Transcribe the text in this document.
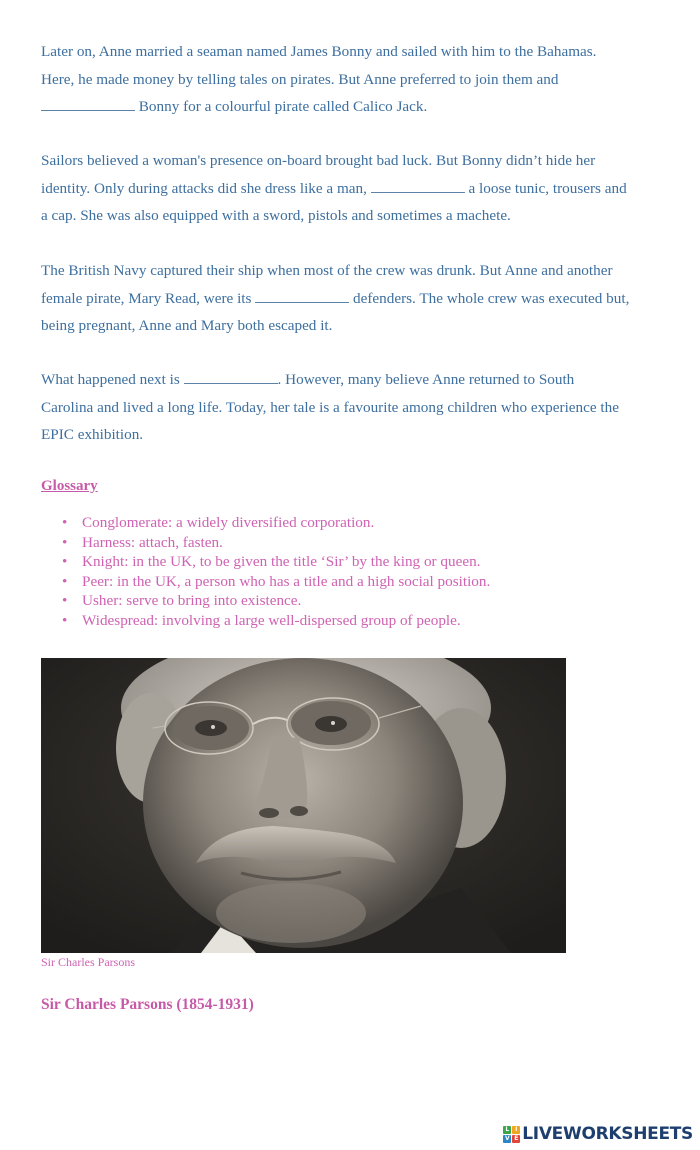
Later on, Anne married a seaman named James Bonny and sailed with him to the Bahamas.
Here, he made money by telling tales on pirates. But Anne preferred to join them and
Bonny for a colourful pirate called Calico Jack.
Sailors believed a woman's presence on-board brought bad luck. But Bonny didn’t hide her
identity. Only during attacks did she dress like a man,	a loose tunic, trousers and
a cap. She was also equipped with a sword, pistols and sometimes a machete.
The British Navy captured their ship when most of the crew was drunk. But Anne and another
female pirate, Mary Read, were its	defenders. The whole crew was executed but,
being pregnant, Anne and Mary both escaped it.
What happened next is	. However, many believe Anne returned to South
Carolina and lived a long life. Today, her tale is a favourite among children who experience the
EPIC exhibition.
Glossary
• Conglomerate: a widely diversified corporation.
• Harness: attach, fasten.
• Knight: in the UK, to be given the title ‘Sir’ by the king or queen.
• Peer: in the UK, a person who has a title and a high social position.
• Usher: serve to bring into existence.
• Widespread: involving a large well-dispersed group of people.

Sir Charles Parsons

Sir Charles Parsons (1854-1931)
L I
V E LIVEWORKSHEETS
